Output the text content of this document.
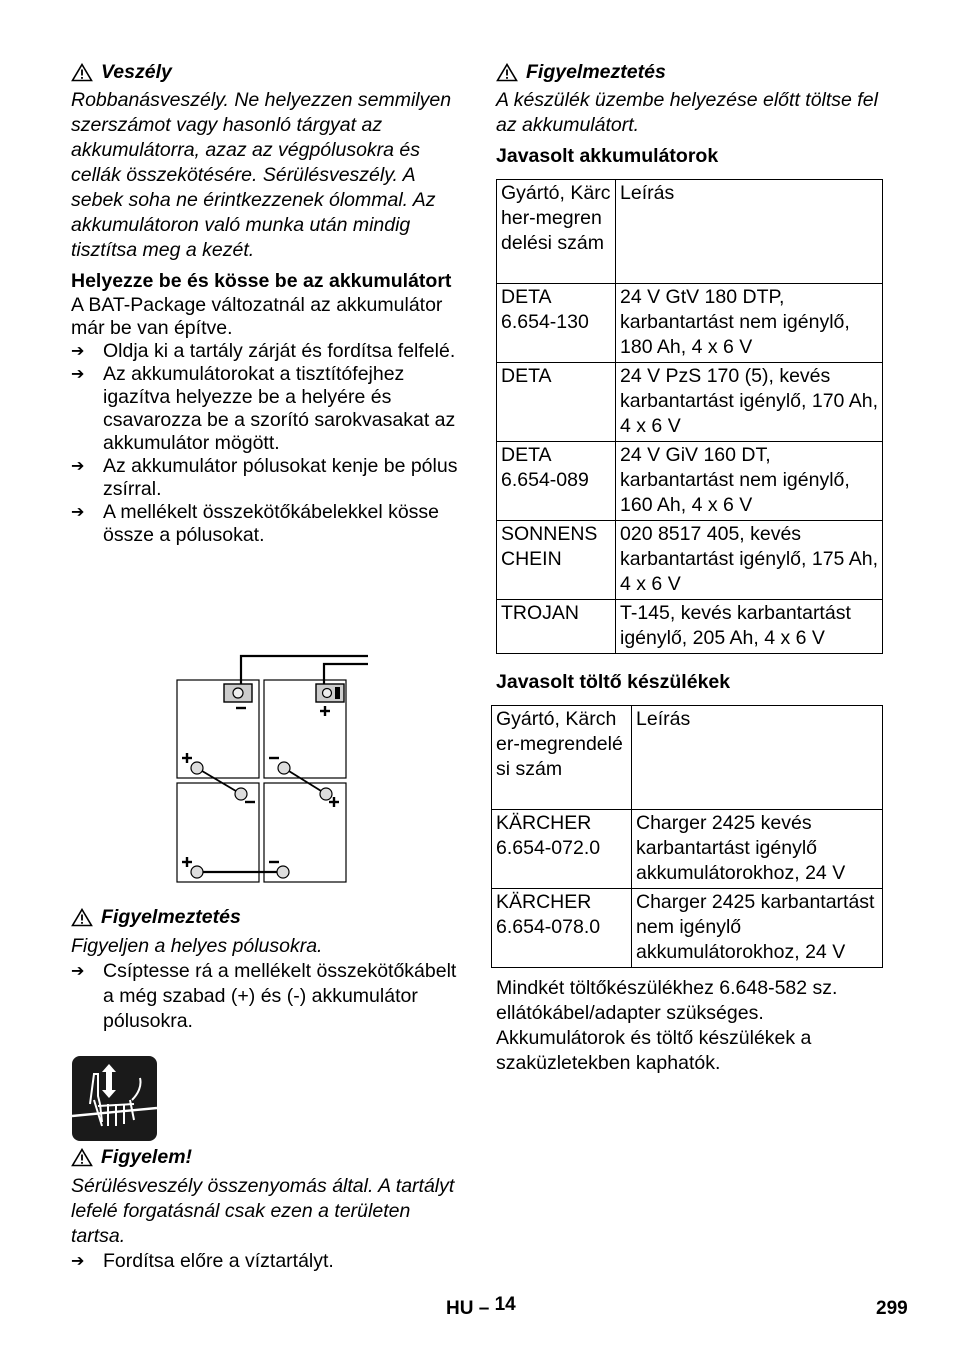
Veszély

Robbanásveszély. Ne helyezzen semmilyen szerszámot vagy hasonló tárgyat az akkumulátorra, azaz az végpólusokra és cellák összekötésére. Sérülésveszély. A sebek soha ne érintkezzenek ólommal. Az akkumulátoron való munka után mindig tisztítsa meg a kezét.

Helyezze be és kösse be az akkumulátort

A BAT-Package változatnál az akkumulátor már be van építve.

➔ Oldja ki a tartály zárját és fordítsa felfelé.
➔ Az akkumulátorokat a tisztítófejhez igazítva helyezze be a helyére és csavarozza be a szorító sarokvasakat az akkumulátor mögött.
➔ Az akkumulátor pólusokat kenje be pólus zsírral.
➔ A mellékelt összekötőkábelekkel kösse össze a pólusokat.
Figyelmeztetés

Figyeljen a helyes pólusokra.

➔ Csíptesse rá a mellékelt összekötőkábelt a még szabad (+) és (-) akkumulátor pólusokra.
Figyelem!

Sérülésveszély összenyomás által. A tartályt lefelé forgatásnál csak ezen a területen tartsa.

➔ Fordítsa előre a víztartályt.
Figyelmeztetés

A készülék üzembe helyezése előtt töltse fel az akkumulátort.

Javasolt akkumulátorok

Gyártó, Kärcher-megrendelési szám	Leírás
DETA 6.654-130	24 V GtV 180 DTP, karbantartást nem igénylő, 180 Ah, 4 x 6 V
DETA	24 V PzS 170 (5), kevés karbantartást igénylő, 170 Ah, 4 x 6 V
DETA 6.654-089	24 V GiV 160 DT, karbantartást nem igénylő, 160 Ah, 4 x 6 V
SONNENSCHEIN	020 8517 405, kevés karbantartást igénylő, 175 Ah, 4 x 6 V
TROJAN	T-145, kevés karbantartást igénylő, 205 Ah, 4 x 6 V

Javasolt töltő készülékek

Gyártó, Kärcher-megrendelési szám	Leírás
KÄRCHER 6.654-072.0	Charger 2425 kevés karbantartást igénylő akkumulátorokhoz, 24 V
KÄRCHER 6.654-078.0	Charger 2425 karbantartást nem igénylő akkumulátorokhoz, 24 V

Mindkét töltőkészülékhez 6.648-582 sz. ellátókábel/adapter szükséges. Akkumulátorok és töltő készülékek a szaküzletekben kaphatók.

HU – 14	299
